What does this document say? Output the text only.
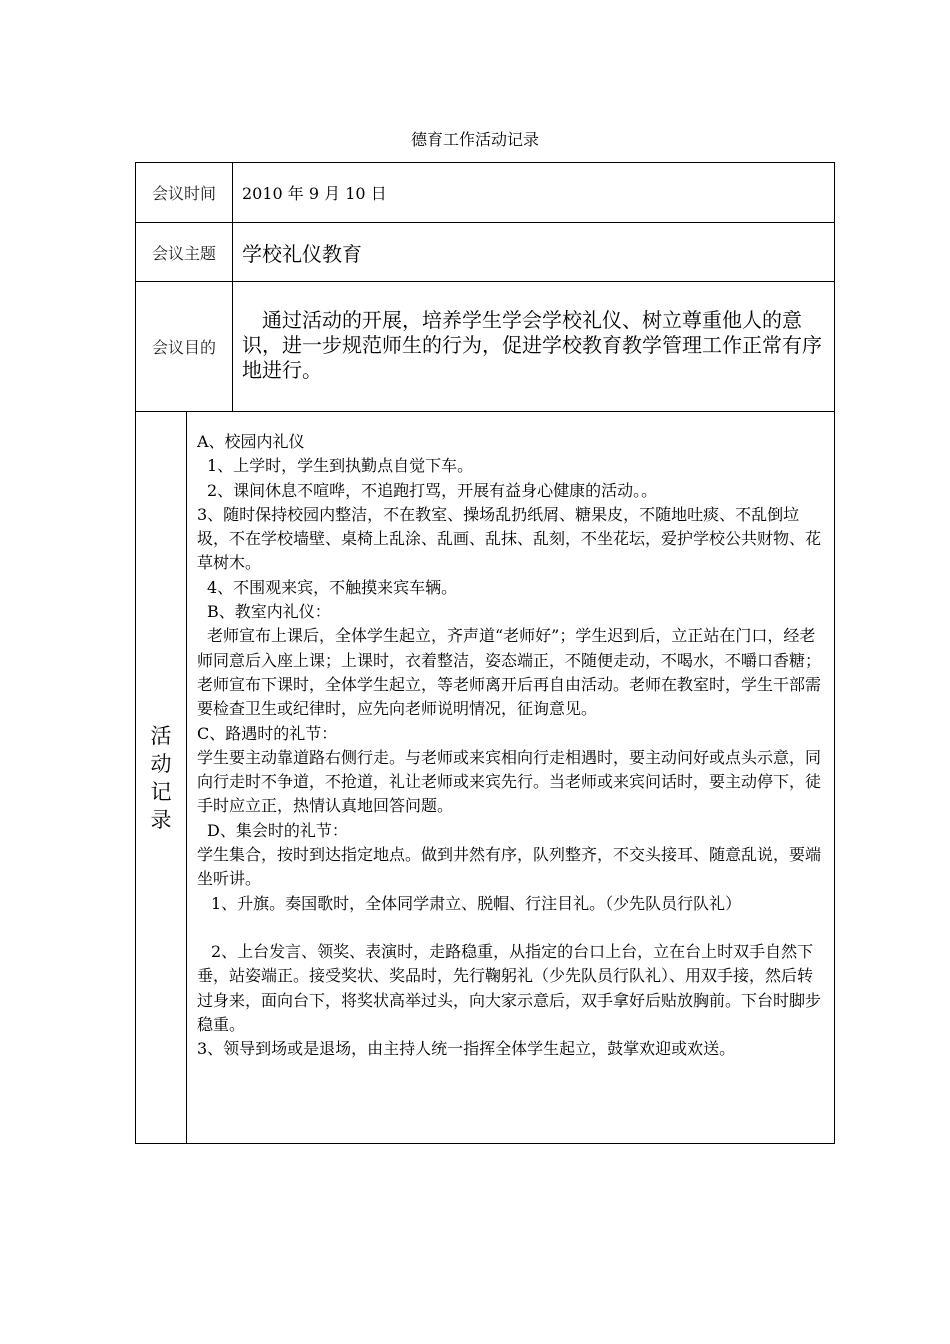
德育工作活动记录
会议时间	2010 年 9 月 10 日
会议主题	学校礼仪教育
会议目的
　通过活动的开展，培养学生学会学校礼仪、树立尊重他人的意识，进一步规范师生的行为，促进学校教育教学管理工作正常有序地进行。
活
动
记
录

A、校园内礼仪

1、上学时，学生到执勤点自觉下车。

2、课间休息不喧哗，不追跑打骂，开展有益身心健康的活动。。

3、随时保持校园内整洁，不在教室、操场乱扔纸屑、糖果皮，不随地吐痰、不乱倒垃圾，不在学校墙壁、桌椅上乱涂、乱画、乱抹、乱刻，不坐花坛，爱护学校公共财物、花草树木。

4、不围观来宾，不触摸来宾车辆。

B、教室内礼仪：

老师宣布上课后，全体学生起立，齐声道“老师好”；学生迟到后，立正站在门口，经老师同意后入座上课；上课时，衣着整洁，姿态端正，不随便走动，不喝水，不嚼口香糖；老师宣布下课时，全体学生起立，等老师离开后再自由活动。老师在教室时，学生干部需要检查卫生或纪律时，应先向老师说明情况，征询意见。

C、路遇时的礼节：

学生要主动靠道路右侧行走。与老师或来宾相向行走相遇时，要主动问好或点头示意，同向行走时不争道，不抢道，礼让老师或来宾先行。当老师或来宾问话时，要主动停下，徒手时应立正，热情认真地回答问题。

D、集会时的礼节：

学生集合，按时到达指定地点。做到井然有序，队列整齐，不交头接耳、随意乱说，要端坐听讲。

1、升旗。奏国歌时，全体同学肃立、脱帽、行注目礼。（少先队员行队礼）

2、上台发言、领奖、表演时，走路稳重，从指定的台口上台，立在台上时双手自然下垂，站姿端正。接受奖状、奖品时，先行鞠躬礼（少先队员行队礼）、用双手接，然后转过身来，面向台下，将奖状高举过头，向大家示意后，双手拿好后贴放胸前。下台时脚步稳重。

3、领导到场或是退场，由主持人统一指挥全体学生起立，鼓掌欢迎或欢送。
